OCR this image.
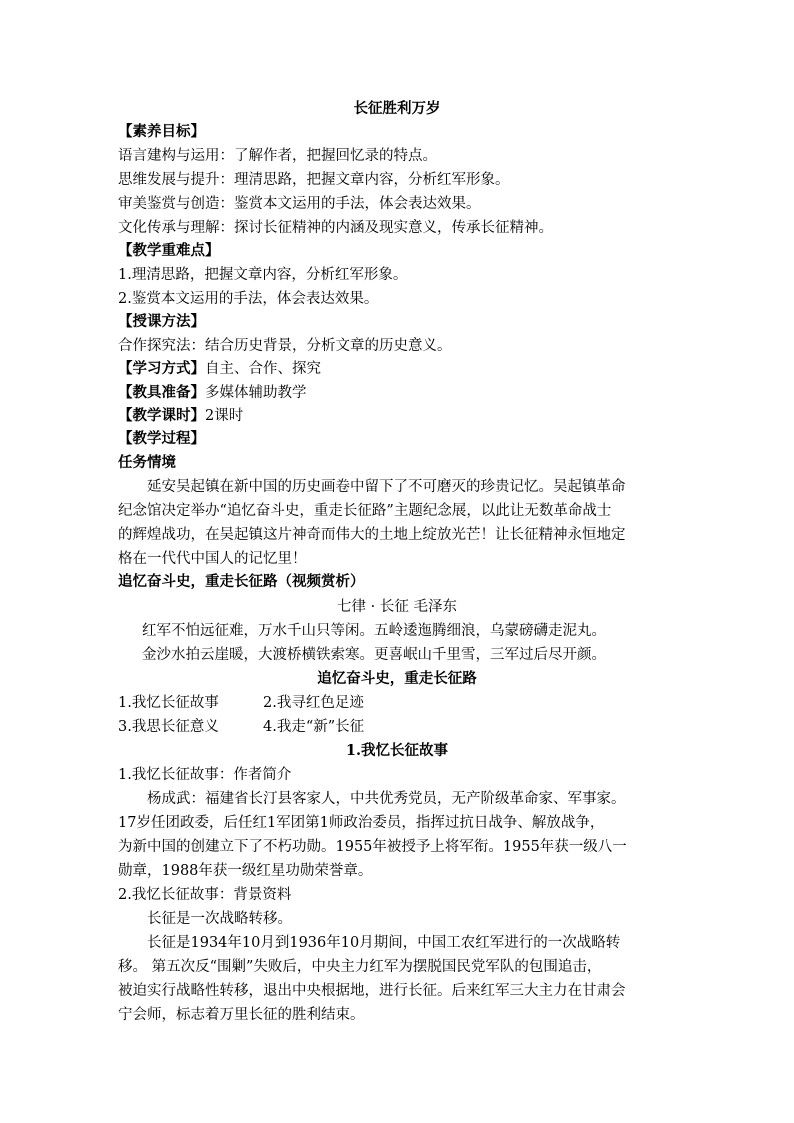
长征胜利万岁
【素养目标】
语言建构与运用：了解作者，把握回忆录的特点。
思维发展与提升：理清思路，把握文章内容，分析红军形象。
审美鉴赏与创造：鉴赏本文运用的手法，体会表达效果。
文化传承与理解：探讨长征精神的内涵及现实意义，传承长征精神。
【教学重难点】
1.理清思路，把握文章内容，分析红军形象。
2.鉴赏本文运用的手法，体会表达效果。
【授课方法】
合作探究法：结合历史背景，分析文章的历史意义。
【学习方式】自主、合作、探究
【教具准备】多媒体辅助教学
【教学课时】2课时
【教学过程】
任务情境
延安吴起镇在新中国的历史画卷中留下了不可磨灭的珍贵记忆。吴起镇革命
纪念馆决定举办“追忆奋斗史，重走长征路”主题纪念展，以此让无数革命战士
的辉煌战功，在吴起镇这片神奇而伟大的土地上绽放光芒！让长征精神永恒地定
格在一代代中国人的记忆里！
追忆奋斗史，重走长征路（视频赏析）
七律 · 长征 毛泽东
红军不怕远征难，万水千山只等闲。五岭逶迤腾细浪，乌蒙磅礴走泥丸。
金沙水拍云崖暖，大渡桥横铁索寒。更喜岷山千里雪，三军过后尽开颜。
追忆奋斗史，重走长征路
1.我忆长征故事	2.我寻红色足迹
3.我思长征意义	4.我走“新”长征
1.我忆长征故事
1.我忆长征故事：作者简介
杨成武：福建省长汀县客家人，中共优秀党员，无产阶级革命家、军事家。
17岁任团政委，后任红1军团第1师政治委员，指挥过抗日战争、解放战争，
为新中国的创建立下了不朽功勋。1955年被授予上将军衔。1955年获一级八一
勋章，1988年获一级红星功勋荣誉章。
2.我忆长征故事：背景资料
长征是一次战略转移。
长征是1934年10月到1936年10月期间，中国工农红军进行的一次战略转
移。 第五次反“围剿”失败后，中央主力红军为摆脱国民党军队的包围追击，
被迫实行战略性转移，退出中央根据地，进行长征。后来红军三大主力在甘肃会
宁会师，标志着万里长征的胜利结束。
